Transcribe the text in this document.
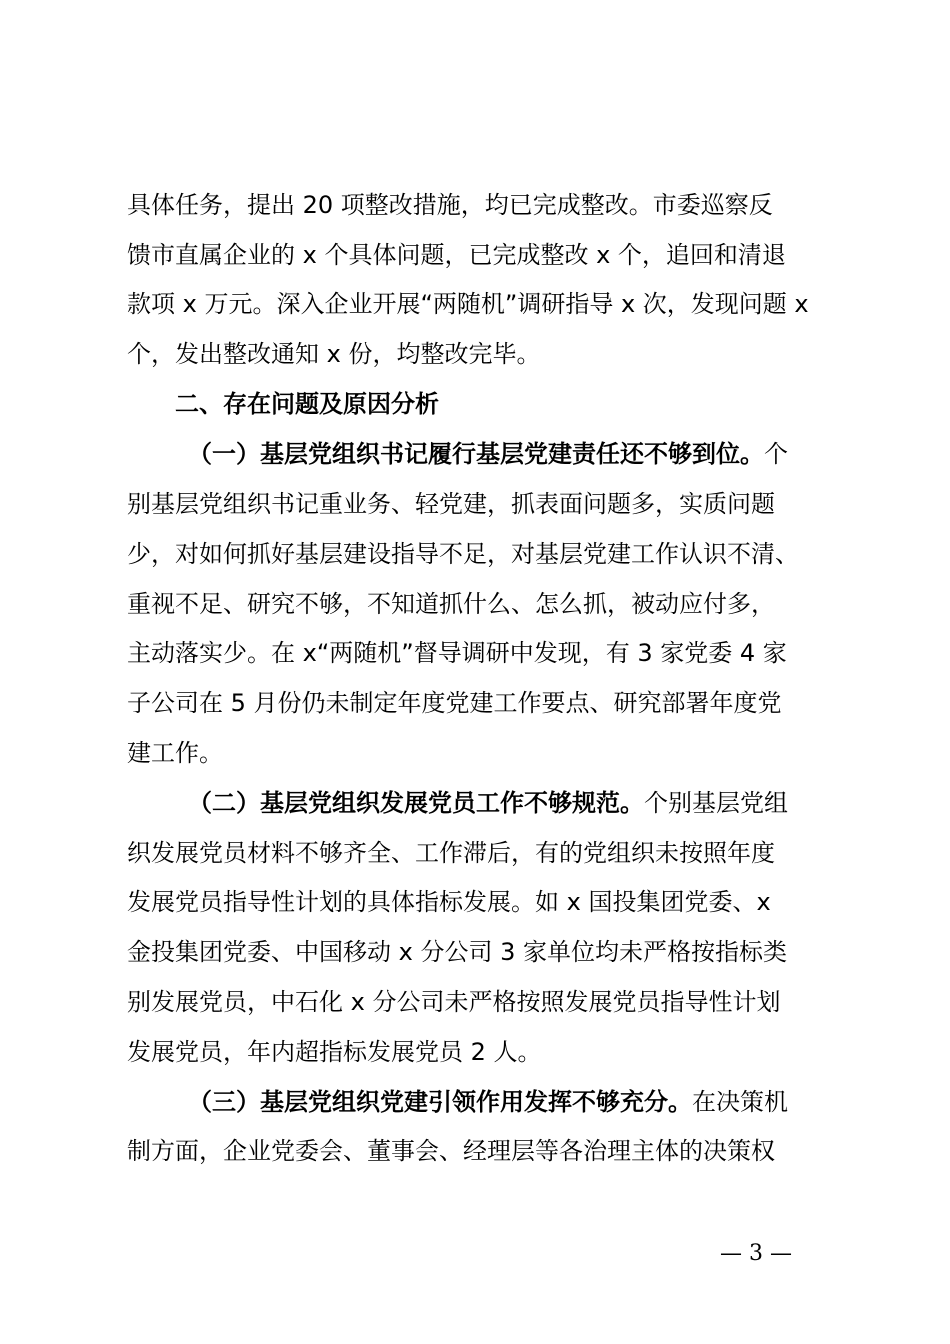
具体任务，提出 20 项整改措施，均已完成整改。市委巡察反
馈市直属企业的 x 个具体问题，已完成整改 x 个，追回和清退
款项 x 万元。深入企业开展“两随机”调研指导 x 次，发现问题 x
个，发出整改通知 x 份，均整改完毕。
二、存在问题及原因分析
（一）基层党组织书记履行基层党建责任还不够到位。个
别基层党组织书记重业务、轻党建，抓表面问题多，实质问题
少，对如何抓好基层建设指导不足，对基层党建工作认识不清、
重视不足、研究不够，不知道抓什么、怎么抓，被动应付多，
主动落实少。在 x“两随机”督导调研中发现，有 3 家党委 4 家
子公司在 5 月份仍未制定年度党建工作要点、研究部署年度党
建工作。
（二）基层党组织发展党员工作不够规范。个别基层党组
织发展党员材料不够齐全、工作滞后，有的党组织未按照年度
发展党员指导性计划的具体指标发展。如 x 国投集团党委、x
金投集团党委、中国移动 x 分公司 3 家单位均未严格按指标类
别发展党员，中石化 x 分公司未严格按照发展党员指导性计划
发展党员，年内超指标发展党员 2 人。
（三）基层党组织党建引领作用发挥不够充分。在决策机
制方面，企业党委会、董事会、经理层等各治理主体的决策权
— 3 —
